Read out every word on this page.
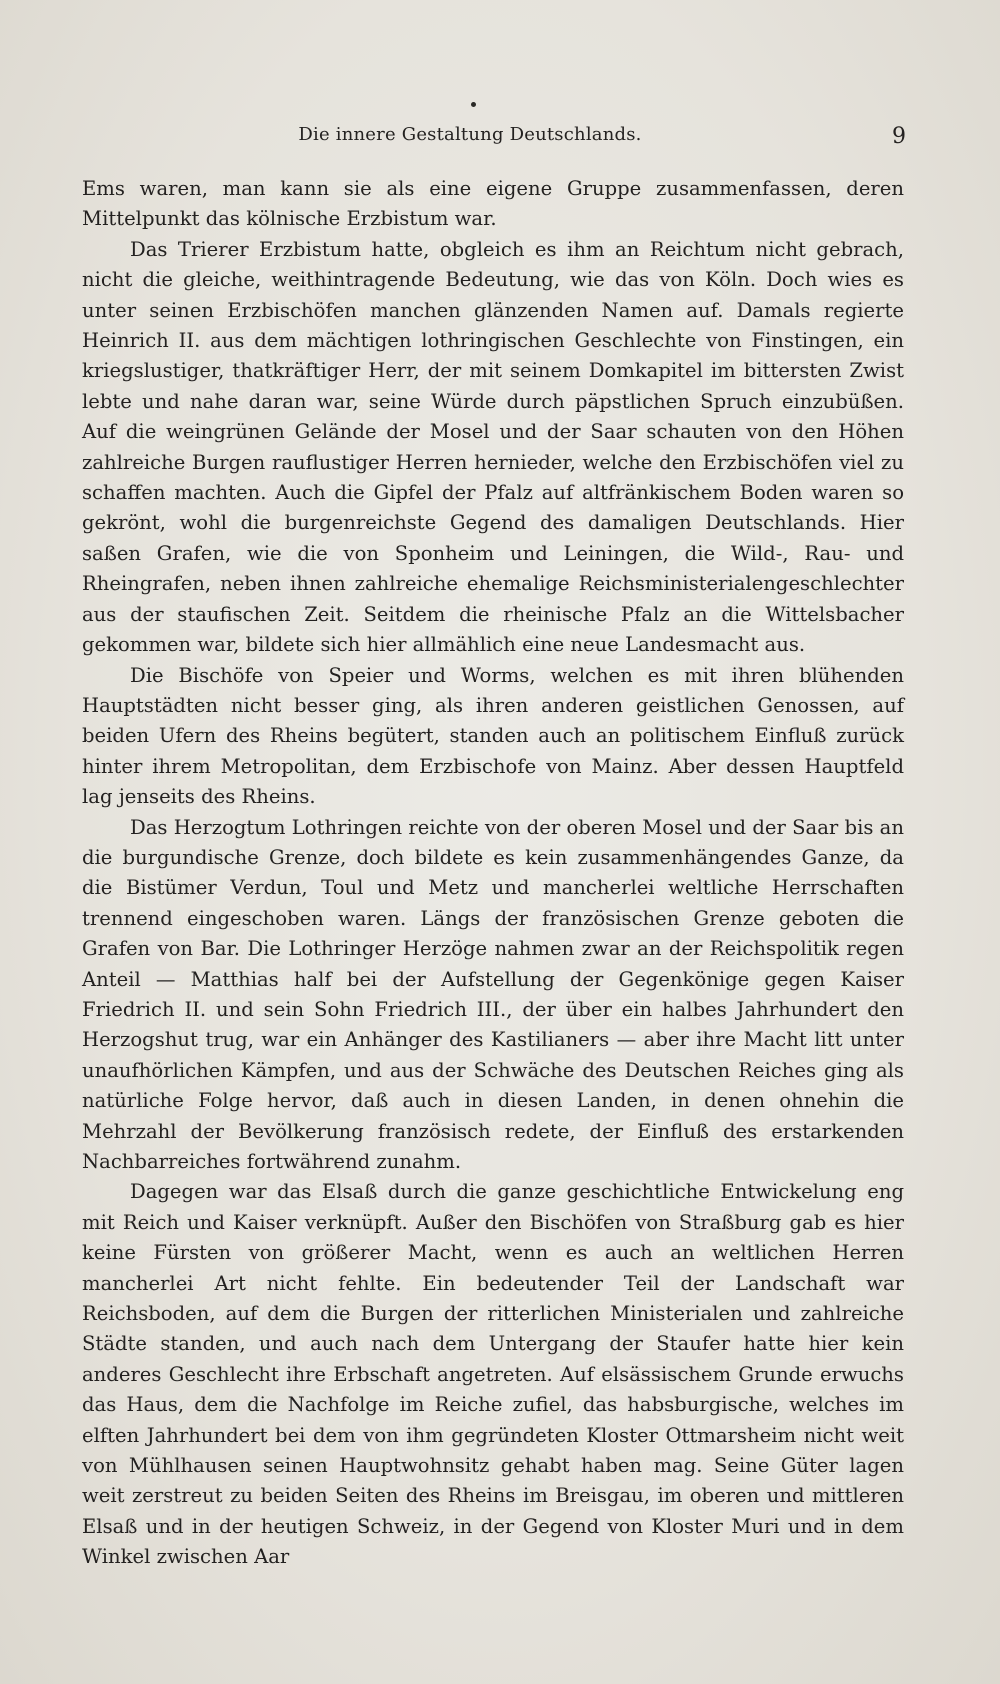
Die innere Gestaltung Deutschlands.	9

Ems waren, man kann sie als eine eigene Gruppe zusammenfassen, deren Mittelpunkt das kölnische Erzbistum war.

Das Trierer Erzbistum hatte, obgleich es ihm an Reichtum nicht gebrach, nicht die gleiche, weithintragende Bedeutung, wie das von Köln. Doch wies es unter seinen Erzbischöfen manchen glänzenden Namen auf. Damals regierte Heinrich II. aus dem mächtigen lothringischen Geschlechte von Finstingen, ein kriegslustiger, thatkräftiger Herr, der mit seinem Domkapitel im bittersten Zwist lebte und nahe daran war, seine Würde durch päpstlichen Spruch einzubüßen. Auf die weingrünen Gelände der Mosel und der Saar schauten von den Höhen zahlreiche Burgen rauflustiger Herren hernieder, welche den Erzbischöfen viel zu schaffen machten. Auch die Gipfel der Pfalz auf altfränkischem Boden waren so gekrönt, wohl die burgenreichste Gegend des damaligen Deutschlands. Hier saßen Grafen, wie die von Sponheim und Leiningen, die Wild-, Rau- und Rheingrafen, neben ihnen zahlreiche ehemalige Reichsministerialengeschlechter aus der staufischen Zeit. Seitdem die rheinische Pfalz an die Wittelsbacher gekommen war, bildete sich hier allmählich eine neue Landesmacht aus.

Die Bischöfe von Speier und Worms, welchen es mit ihren blühenden Hauptstädten nicht besser ging, als ihren anderen geistlichen Genossen, auf beiden Ufern des Rheins begütert, standen auch an politischem Einfluß zurück hinter ihrem Metropolitan, dem Erzbischofe von Mainz. Aber dessen Hauptfeld lag jenseits des Rheins.

Das Herzogtum Lothringen reichte von der oberen Mosel und der Saar bis an die burgundische Grenze, doch bildete es kein zusammenhängendes Ganze, da die Bistümer Verdun, Toul und Metz und mancherlei weltliche Herrschaften trennend eingeschoben waren. Längs der französischen Grenze geboten die Grafen von Bar. Die Lothringer Herzöge nahmen zwar an der Reichspolitik regen Anteil — Matthias half bei der Aufstellung der Gegenkönige gegen Kaiser Friedrich II. und sein Sohn Friedrich III., der über ein halbes Jahrhundert den Herzogshut trug, war ein Anhänger des Kastilianers — aber ihre Macht litt unter unaufhörlichen Kämpfen, und aus der Schwäche des Deutschen Reiches ging als natürliche Folge hervor, daß auch in diesen Landen, in denen ohnehin die Mehrzahl der Bevölkerung französisch redete, der Einfluß des erstarkenden Nachbarreiches fortwährend zunahm.

Dagegen war das Elsaß durch die ganze geschichtliche Entwickelung eng mit Reich und Kaiser verknüpft. Außer den Bischöfen von Straßburg gab es hier keine Fürsten von größerer Macht, wenn es auch an weltlichen Herren mancherlei Art nicht fehlte. Ein bedeutender Teil der Landschaft war Reichsboden, auf dem die Burgen der ritterlichen Ministerialen und zahlreiche Städte standen, und auch nach dem Untergang der Staufer hatte hier kein anderes Geschlecht ihre Erbschaft angetreten. Auf elsässischem Grunde erwuchs das Haus, dem die Nachfolge im Reiche zufiel, das habsburgische, welches im elften Jahrhundert bei dem von ihm gegründeten Kloster Ottmarsheim nicht weit von Mühlhausen seinen Hauptwohnsitz gehabt haben mag. Seine Güter lagen weit zerstreut zu beiden Seiten des Rheins im Breisgau, im oberen und mittleren Elsaß und in der heutigen Schweiz, in der Gegend von Kloster Muri und in dem Winkel zwischen Aar
